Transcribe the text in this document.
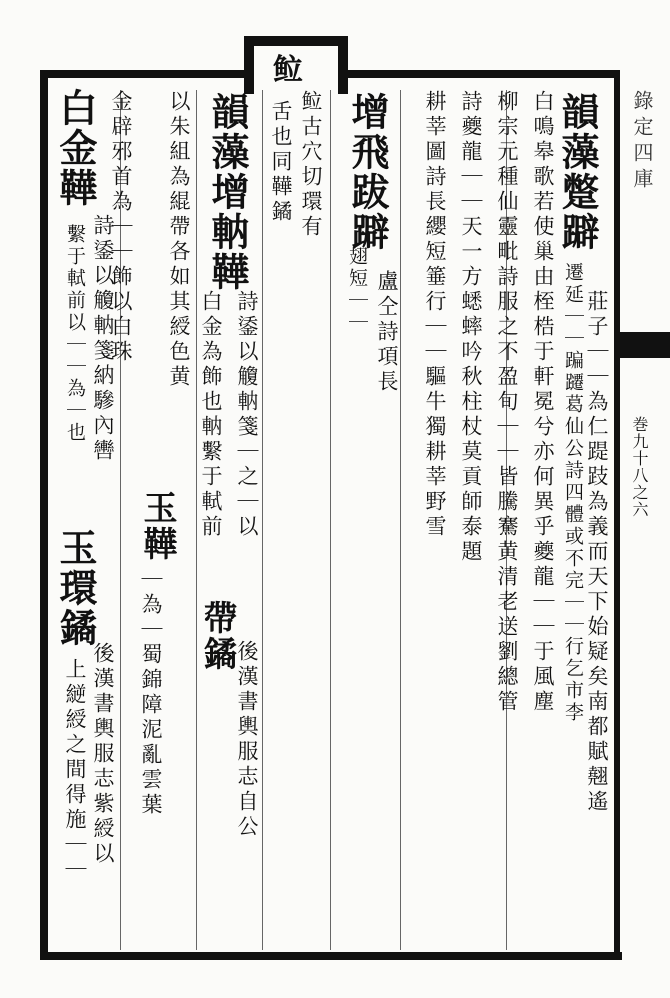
䲞
錄定四庫
巻九十八之六
韻藻蹩躃
莊子｜｜為仁踶跂為義而天下始疑矣南都賦翹遙
遷延｜｜蹁躚葛仙公詩四體或不完｜｜行乞市李
白鳴皋歌若使巢由桎梏于軒冕兮亦何異乎夔龍｜｜于風塵
柳宗元種仙靈毗詩服之不盈旬｜｜皆騰騫黄清老送劉總管
詩夔龍｜｜天一方蟋蟀吟秋柱杖莫貢師泰題
耕莘圖詩長纓短箠行｜｜驅牛獨耕莘野雪
增飛跋躃
盧仝詩項長
翅短｜｜
䲞古穴切環有
舌也同鞾鐍
韻藻增軜鞾
詩鋈以觼軜箋｜之｜以
白金為飾也軜繫于軾前
帶鐍
後漢書輿服志自公
以朱組為緄帶各如其綬色黄
玉鞾
｜為｜蜀錦障泥亂雲葉
金辟邪首為｜｜飾以白珠
白金鞾
詩鋈以觼軜箋納驂內轡
繫于軾前以｜｜為｜也
玉環鐍
後漢書輿服志紫綬以
上縌綬之間得施｜｜
